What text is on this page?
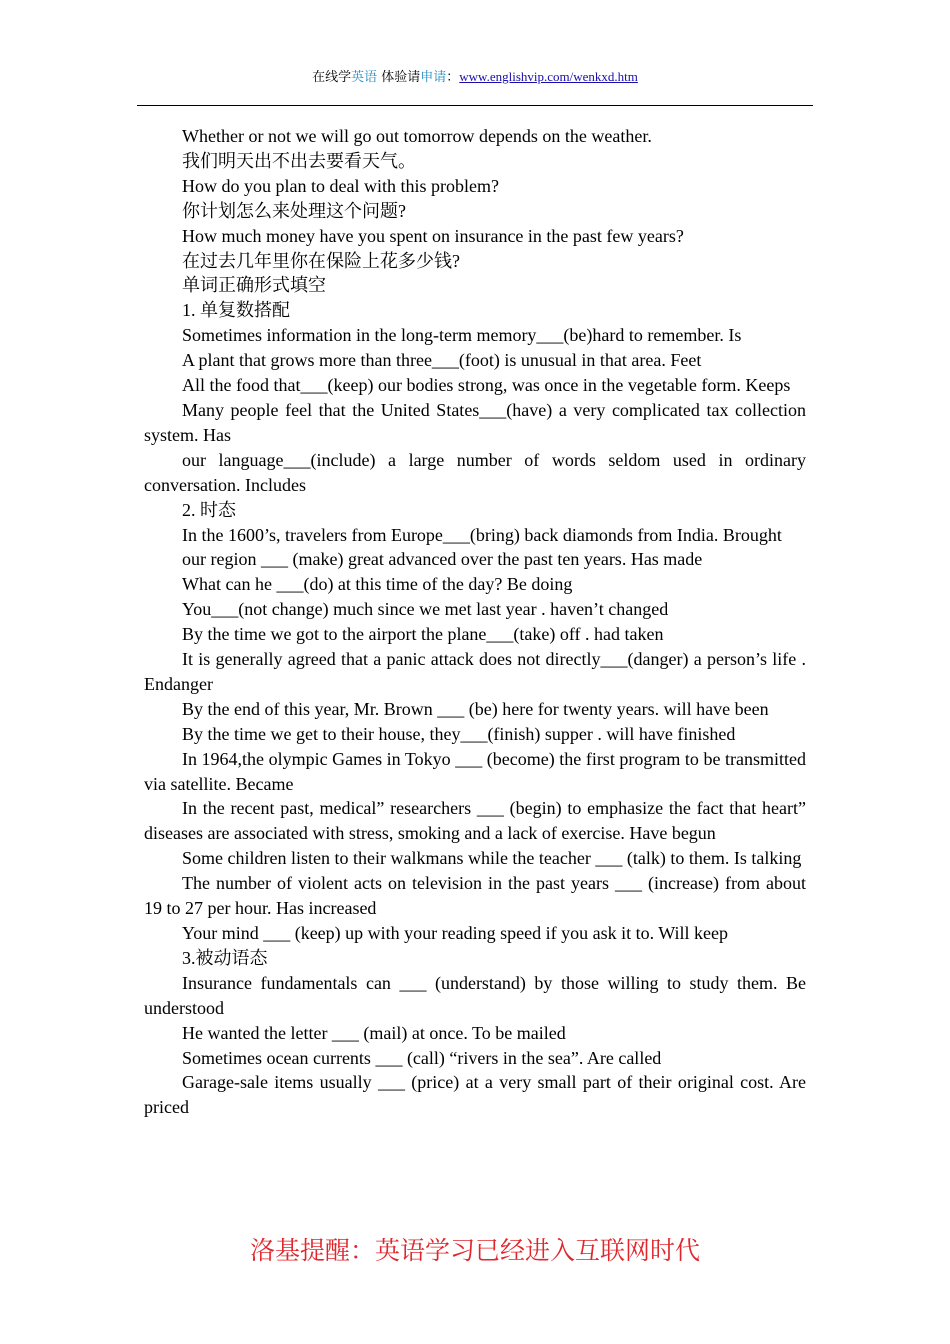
在线学英语 体验请申请：www.englishvip.com/wenkxd.htm

Whether or not we will go out tomorrow depends on the weather.

我们明天出不出去要看天气。

How do you plan to deal with this problem?

你计划怎么来处理这个问题?

How much money have you spent on insurance in the past few years?

在过去几年里你在保险上花多少钱?

单词正确形式填空

1. 单复数搭配

Sometimes information in the long-term memory___(be)hard to remember. Is

A plant that grows more than three___(foot) is unusual in that area. Feet

All the food that___(keep) our bodies strong, was once in the vegetable form. Keeps

Many people feel that the United States___(have) a very complicated tax collection system. Has

our language___(include) a large number of words seldom used in ordinary conversation. Includes

2. 时态

In the 1600’s, travelers from Europe___(bring) back diamonds from India. Brought

our region ___ (make) great advanced over the past ten years. Has made

What can he ___(do) at this time of the day? Be doing

You___(not change) much since we met last year . haven’t changed

By the time we got to the airport the plane___(take) off . had taken

It is generally agreed that a panic attack does not directly___(danger) a person’s life . Endanger

By the end of this year, Mr. Brown ___ (be) here for twenty years. will have been

By the time we get to their house, they___(finish) supper . will have finished

In 1964,the olympic Games in Tokyo ___ (become) the first program to be transmitted via satellite. Became

In the recent past, medical” researchers ___ (begin) to emphasize the fact that heart” diseases are associated with stress, smoking and a lack of exercise. Have begun

Some children listen to their walkmans while the teacher ___ (talk) to them. Is talking

The number of violent acts on television in the past years ___ (increase) from about 19 to 27 per hour. Has increased

Your mind ___ (keep) up with your reading speed if you ask it to. Will keep

3.被动语态

Insurance fundamentals can ___ (understand) by those willing to study them. Be understood

He wanted the letter ___ (mail) at once. To be mailed

Sometimes ocean currents ___ (call) “rivers in the sea”. Are called

Garage-sale items usually ___ (price) at a very small part of their original cost. Are priced

洛基提醒：英语学习已经进入互联网时代
